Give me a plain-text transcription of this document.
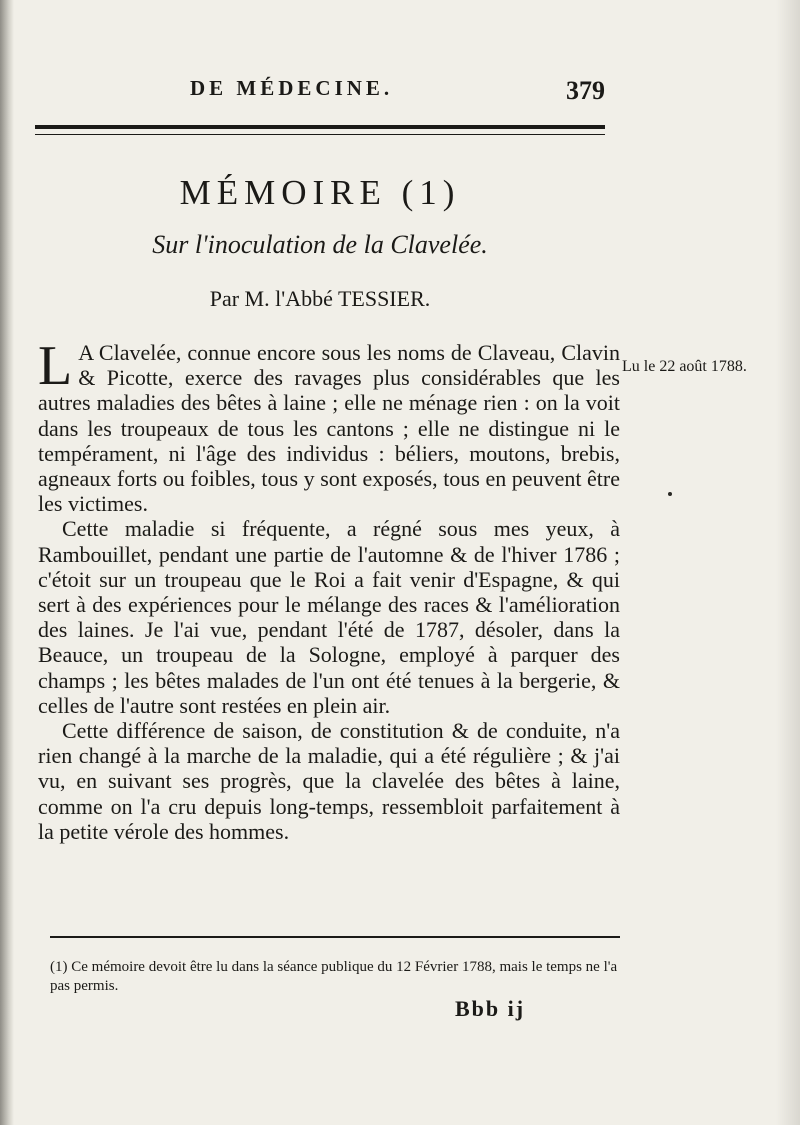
DE MÉDECINE.	379
MÉMOIRE (1)
Sur l'inoculation de la Clavelée.
Par M. l'Abbé TESSIER.

L A Clavelée, connue encore sous les noms de Claveau, Clavin & Picotte, exerce des ravages plus considérables que les autres maladies des bêtes à laine ; elle ne ménage rien : on la voit dans les troupeaux de tous les cantons ; elle ne distingue ni le tempérament, ni l'âge des individus : béliers, moutons, brebis, agneaux forts ou foibles, tous y sont exposés, tous en peuvent être les victimes.

Cette maladie si fréquente, a régné sous mes yeux, à Rambouillet, pendant une partie de l'automne & de l'hiver 1786 ; c'étoit sur un troupeau que le Roi a fait venir d'Espagne, & qui sert à des expériences pour le mélange des races & l'amélioration des laines. Je l'ai vue, pendant l'été de 1787, désoler, dans la Beauce, un troupeau de la Sologne, employé à parquer des champs ; les bêtes malades de l'un ont été tenues à la bergerie, & celles de l'autre sont restées en plein air.

Cette différence de saison, de constitution & de conduite, n'a rien changé à la marche de la maladie, qui a été régulière ; & j'ai vu, en suivant ses progrès, que la clavelée des bêtes à laine, comme on l'a cru depuis long-temps, ressembloit parfaitement à la petite vérole des hommes.

Lu le 22 août 1788.
(1) Ce mémoire devoit être lu dans la séance publique du 12 Février 1788, mais le temps ne l'a pas permis.
Bbb ij
